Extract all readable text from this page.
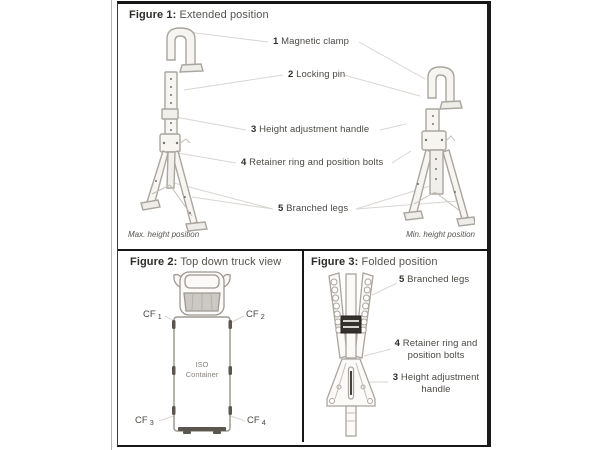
Figure 1: Extended position
1 Magnetic clamp
2 Locking pin
3 Height adjustment handle
4 Retainer ring and position bolts
5 Branched legs
Max. height position	Min. height position
Figure 2: Top down truck view
ISO
Container
CF $_1$	CF $_2$
CF $_3$	CF $_4$
Figure 3: Folded position
5 Branched legs
4 Retainer ring and
position bolts
3 Height adjustment
handle
